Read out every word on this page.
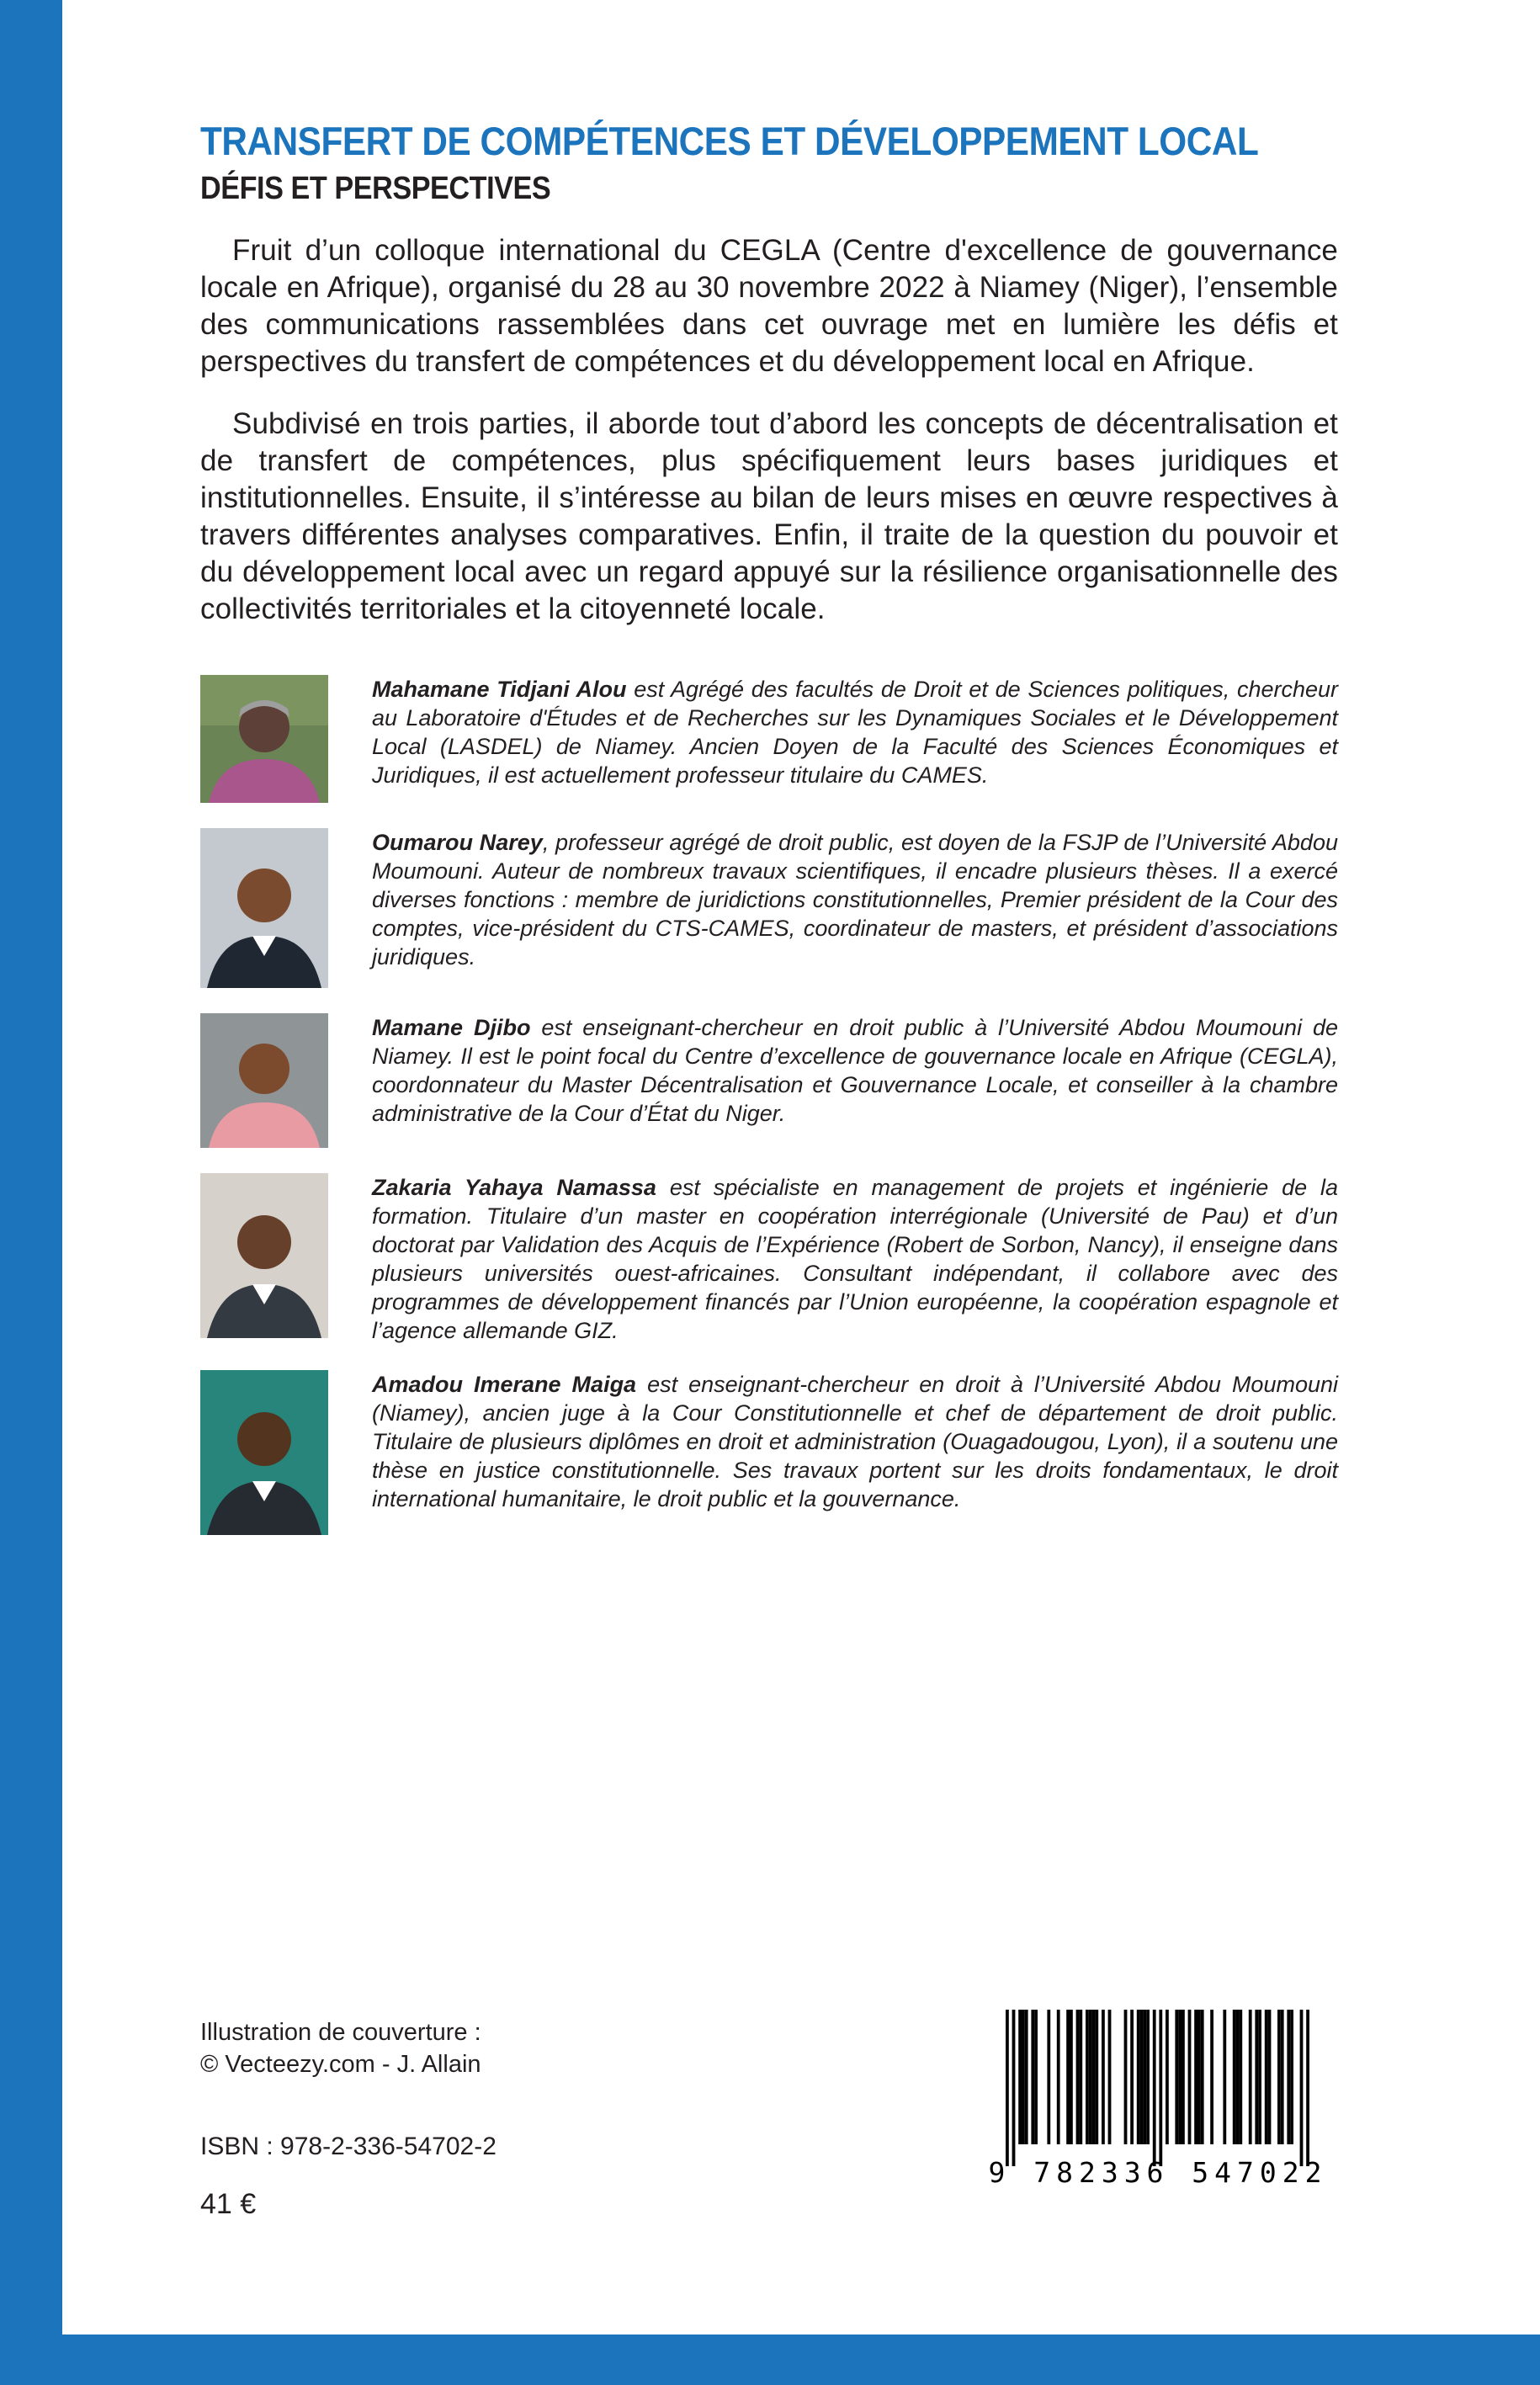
TRANSFERT DE COMPÉTENCES ET DÉVELOPPEMENT LOCAL
DÉFIS ET PERSPECTIVES

Fruit d’un colloque international du CEGLA (Centre d'excellence de gouvernance locale en Afrique), organisé du 28 au 30 novembre 2022 à Niamey (Niger), l’ensemble des communications rassemblées dans cet ouvrage met en lumière les défis et perspectives du transfert de compétences et du développement local en Afrique.

Subdivisé en trois parties, il aborde tout d’abord les concepts de décentralisation et de transfert de compétences, plus spécifiquement leurs bases juridiques et institutionnelles. Ensuite, il s’intéresse au bilan de leurs mises en œuvre respectives à travers différentes analyses comparatives. Enfin, il traite de la question du pouvoir et du développement local avec un regard appuyé sur la résilience organisationnelle des collectivités territoriales et la citoyenneté locale.

Mahamane Tidjani Alou est Agrégé des facultés de Droit et de Sciences politiques, chercheur au Laboratoire d'Études et de Recherches sur les Dynamiques Sociales et le Développement Local (LASDEL) de Niamey. Ancien Doyen de la Faculté des Sciences Économiques et Juridiques, il est actuellement professeur titulaire du CAMES.

Oumarou Narey, professeur agrégé de droit public, est doyen de la FSJP de l’Université Abdou Moumouni. Auteur de nombreux travaux scientifiques, il encadre plusieurs thèses. Il a exercé diverses fonctions : membre de juridictions constitutionnelles, Premier président de la Cour des comptes, vice-président du CTS-CAMES, coordinateur de masters, et président d’associations juridiques.

Mamane Djibo est enseignant-chercheur en droit public à l’Université Abdou Moumouni de Niamey. Il est le point focal du Centre d’excellence de gouvernance locale en Afrique (CEGLA), coordonnateur du Master Décentralisation et Gouvernance Locale, et conseiller à la chambre administrative de la Cour d’État du Niger.

Zakaria Yahaya Namassa est spécialiste en management de projets et ingénierie de la formation. Titulaire d’un master en coopération interrégionale (Université de Pau) et d’un doctorat par Validation des Acquis de l’Expérience (Robert de Sorbon, Nancy), il enseigne dans plusieurs universités ouest-africaines. Consultant indépendant, il collabore avec des programmes de développement financés par l’Union européenne, la coopération espagnole et l’agence allemande GIZ.

Amadou Imerane Maiga est enseignant-chercheur en droit à l’Université Abdou Moumouni (Niamey), ancien juge à la Cour Constitutionnelle et chef de département de droit public. Titulaire de plusieurs diplômes en droit et administration (Ouagadougou, Lyon), il a soutenu une thèse en justice constitutionnelle. Ses travaux portent sur les droits fondamentaux, le droit international humanitaire, le droit public et la gouvernance.

Illustration de couverture :
© Vecteezy.com - J. Allain
ISBN : 978-2-336-54702-2
41 €
9 782336 547022
